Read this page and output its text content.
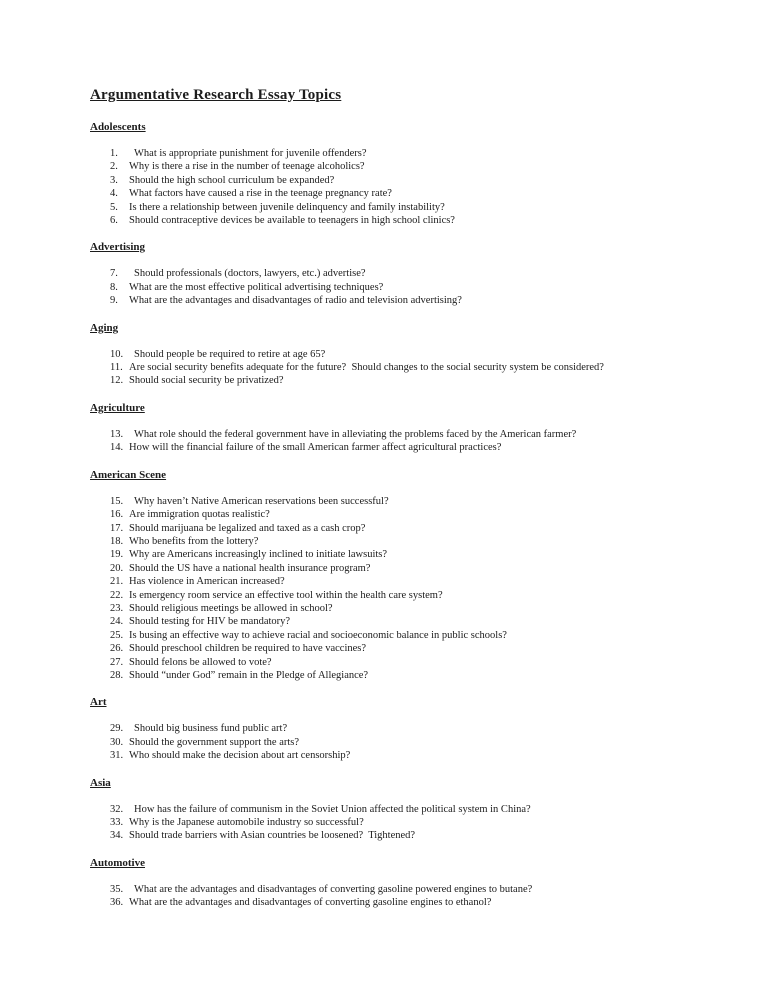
Argumentative Research Essay Topics
Adolescents
1. What is appropriate punishment for juvenile offenders?
2. Why is there a rise in the number of teenage alcoholics?
3. Should the high school curriculum be expanded?
4. What factors have caused a rise in the teenage pregnancy rate?
5. Is there a relationship between juvenile delinquency and family instability?
6. Should contraceptive devices be available to teenagers in high school clinics?
Advertising
7. Should professionals (doctors, lawyers, etc.) advertise?
8. What are the most effective political advertising techniques?
9. What are the advantages and disadvantages of radio and television advertising?
Aging
10. Should people be required to retire at age 65?
11. Are social security benefits adequate for the future?  Should changes to the social security system be considered?
12. Should social security be privatized?
Agriculture
13. What role should the federal government have in alleviating the problems faced by the American farmer?
14. How will the financial failure of the small American farmer affect agricultural practices?
American Scene
15. Why haven’t Native American reservations been successful?
16. Are immigration quotas realistic?
17. Should marijuana be legalized and taxed as a cash crop?
18. Who benefits from the lottery?
19. Why are Americans increasingly inclined to initiate lawsuits?
20. Should the US have a national health insurance program?
21. Has violence in American increased?
22. Is emergency room service an effective tool within the health care system?
23. Should religious meetings be allowed in school?
24. Should testing for HIV be mandatory?
25. Is busing an effective way to achieve racial and socioeconomic balance in public schools?
26. Should preschool children be required to have vaccines?
27. Should felons be allowed to vote?
28. Should “under God” remain in the Pledge of Allegiance?
Art
29. Should big business fund public art?
30. Should the government support the arts?
31. Who should make the decision about art censorship?
Asia
32. How has the failure of communism in the Soviet Union affected the political system in China?
33. Why is the Japanese automobile industry so successful?
34. Should trade barriers with Asian countries be loosened?  Tightened?
Automotive
35. What are the advantages and disadvantages of converting gasoline powered engines to butane?
36. What are the advantages and disadvantages of converting gasoline engines to ethanol?
